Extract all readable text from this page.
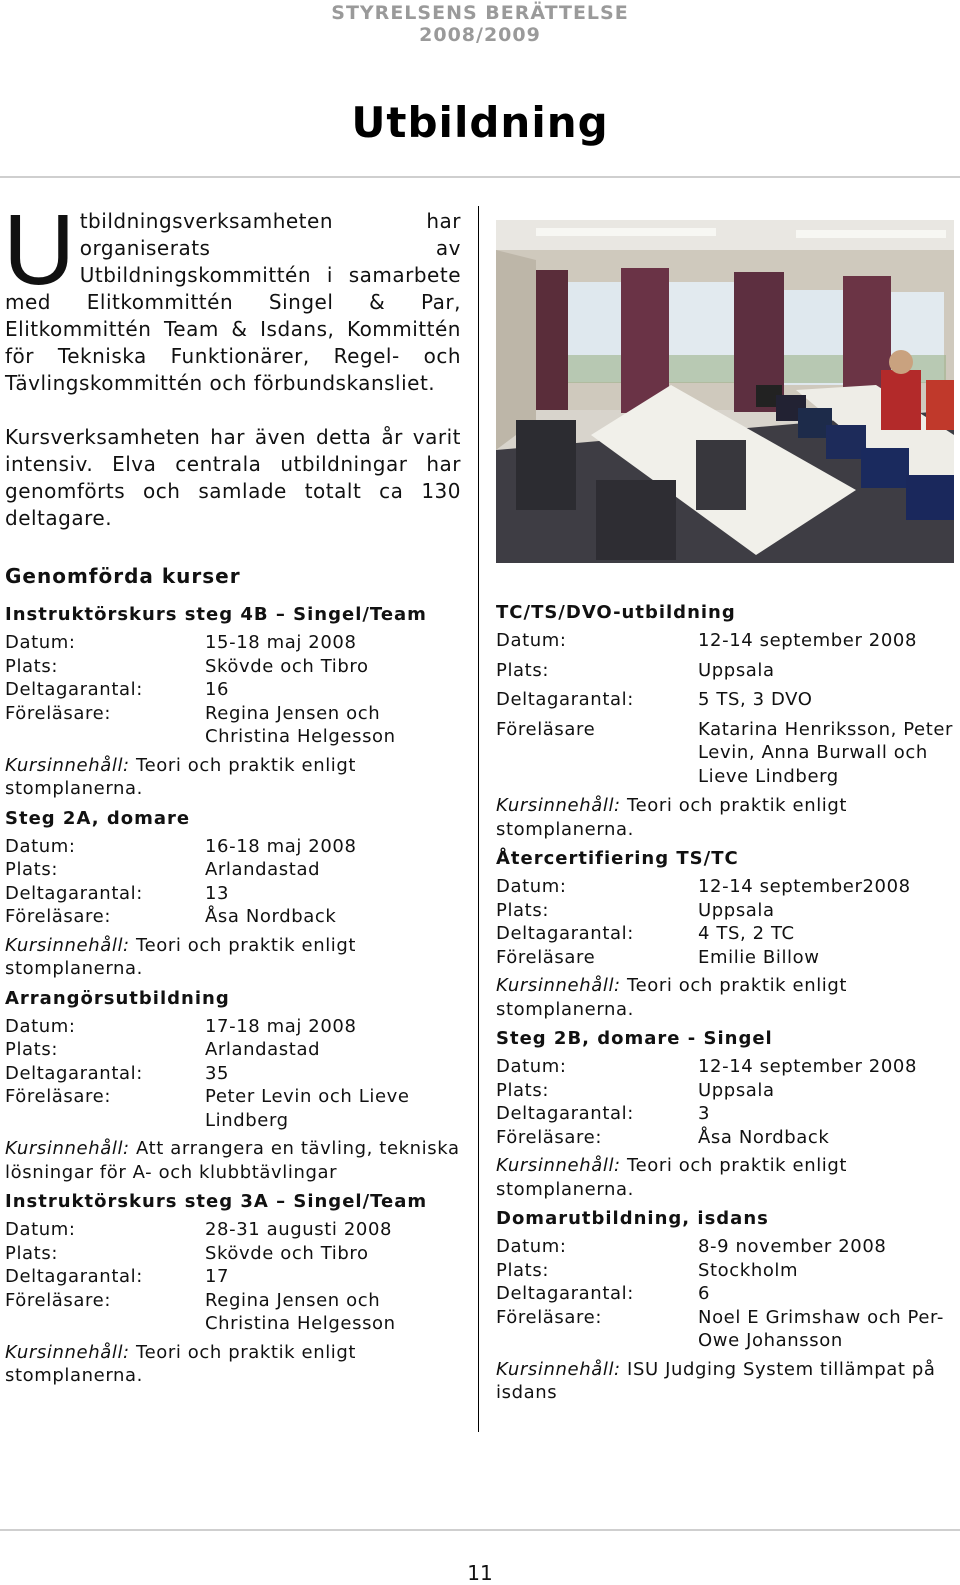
STYRELSENS BERÄTTELSE
2008/2009
Utbildning

Utbildningsverksamheten har organiserats av Utbildningskommittén i samarbete med Elitkommittén Singel & Par, Elitkommittén Team & Isdans, Kommittén för Tekniska Funktionärer, Regel- och Tävlingskommittén och förbundskansliet.

Kursverksamheten har även detta år varit intensiv. Elva centrala utbildningar har genomförts och samlade totalt ca 130 deltagare.

Genomförda kurser
Instruktörskurs steg 4B – Singel/Team
Datum:	15-18 maj 2008
Plats:	Skövde och Tibro
Deltagarantal:	16
Föreläsare:	Regina Jensen och Christina Helgesson
Kursinnehåll: Teori och praktik enligt stomplanerna.
Steg 2A, domare
Datum:	16-18 maj 2008
Plats:	Arlandastad
Deltagarantal:	13
Föreläsare:	Åsa Nordback
Kursinnehåll: Teori och praktik enligt stomplanerna.
Arrangörsutbildning
Datum:	17-18 maj 2008
Plats:	Arlandastad
Deltagarantal:	35
Föreläsare:	Peter Levin och Lieve Lindberg
Kursinnehåll: Att arrangera en tävling, tekniska lösningar för A- och klubbtävlingar
Instruktörskurs steg 3A – Singel/Team
Datum:	28-31 augusti 2008
Plats:	Skövde och Tibro
Deltagarantal:	17
Föreläsare:	Regina Jensen och Christina Helgesson
Kursinnehåll: Teori och praktik enligt stomplanerna.
TC/TS/DVO-utbildning
Datum:	12-14 september 2008
Plats:	Uppsala
Deltagarantal:	5 TS, 3 DVO
Föreläsare	Katarina Henriksson, Peter Levin, Anna Burwall och Lieve Lindberg
Kursinnehåll: Teori och praktik enligt stomplanerna.
Återcertifiering TS/TC
Datum:	12-14 september2008
Plats:	Uppsala
Deltagarantal:	4 TS, 2 TC
Föreläsare	Emilie Billow
Kursinnehåll: Teori och praktik enligt stomplanerna.
Steg 2B, domare - Singel
Datum:	12-14 september 2008
Plats:	Uppsala
Deltagarantal:	3
Föreläsare:	Åsa Nordback
Kursinnehåll: Teori och praktik enligt stomplanerna.
Domarutbildning, isdans
Datum:	8-9 november 2008
Plats:	Stockholm
Deltagarantal:	6
Föreläsare:	Noel E Grimshaw och Per-Owe Johansson
Kursinnehåll: ISU Judging System tillämpat på isdans
11
